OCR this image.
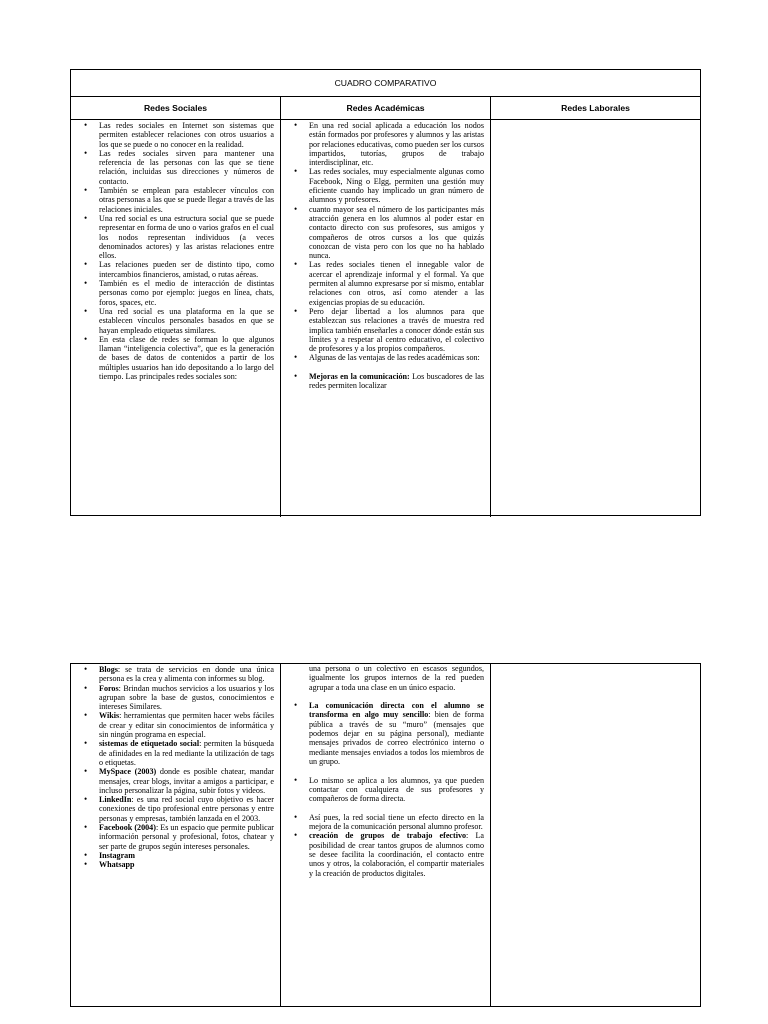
CUADRO COMPARATIVO
Redes Sociales	Redes Académicas	Redes Laborales
• Las redes sociales en Internet son sistemas que permiten establecer relaciones con otros usuarios a los que se puede o no conocer en la realidad.
• Las redes sociales sirven para mantener una referencia de las personas con las que se tiene relación, incluidas sus direcciones y números de contacto.
• También se emplean para establecer vínculos con otras personas a las que se puede llegar a través de las relaciones iniciales.
• Una red social es una estructura social que se puede representar en forma de uno o varios grafos en el cual los nodos representan individuos (a veces denominados actores) y las aristas relaciones entre ellos.
• Las relaciones pueden ser de distinto tipo, como intercambios financieros, amistad, o rutas aéreas.
• También es el medio de interacción de distintas personas como por ejemplo: juegos en línea, chats, foros, spaces, etc.
• Una red social es una plataforma en la que se establecen vínculos personales basados en que se hayan empleado etiquetas similares.
• En esta clase de redes se forman lo que algunos llaman “inteligencia colectiva”, que es la generación de bases de datos de contenidos a partir de los múltiples usuarios han ido depositando a lo largo del tiempo. Las principales redes sociales son:
• En una red social aplicada a educación los nodos están formados por profesores y alumnos y las aristas por relaciones educativas, como pueden ser los cursos impartidos, tutorías, grupos de trabajo interdisciplinar, etc.
• Las redes sociales, muy especialmente algunas como Facebook, Ning o Elgg, permiten una gestión muy eficiente cuando hay implicado un gran número de alumnos y profesores.
• cuanto mayor sea el número de los participantes más atracción genera en los alumnos al poder estar en contacto directo con sus profesores, sus amigos y compañeros de otros cursos a los que quizás conozcan de vista pero con los que no ha hablado nunca.
• Las redes sociales tienen el innegable valor de acercar el aprendizaje informal y el formal. Ya que permiten al alumno expresarse por sí mismo, entablar relaciones con otros, así como atender a las exigencias propias de su educación.
• Pero dejar libertad a los alumnos para que establezcan sus relaciones a través de muestra red implica también enseñarles a conocer dónde están sus límites y a respetar al centro educativo, el colectivo de profesores y a los propios compañeros.
• Algunas de las ventajas de las redes académicas son:
• Mejoras en la comunicación: Los buscadores de las redes permiten localizar
• Blogs: se trata de servicios en donde una única persona es la crea y alimenta con informes su blog.
• Foros: Brindan muchos servicios a los usuarios y los agrupan sobre la base de gustos, conocimientos e intereses Similares.
• Wikis: herramientas que permiten hacer webs fáciles de crear y editar sin conocimientos de informática y sin ningún programa en especial.
• sistemas de etiquetado social: permiten la búsqueda de afinidades en la red mediante la utilización de tags o etiquetas.
• MySpace (2003) donde es posible chatear, mandar mensajes, crear blogs, invitar a amigos a participar, e incluso personalizar la página, subir fotos y videos.
• LinkedIn: es una red social cuyo objetivo es hacer conexiones de tipo profesional entre personas y entre personas y empresas, también lanzada en el 2003.
• Facebook (2004): Es un espacio que permite publicar información personal y profesional, fotos, chatear y ser parte de grupos según intereses personales.
• Instagram
• Whatsapp
una persona o un colectivo en escasos segundos, igualmente los grupos internos de la red pueden agrupar a toda una clase en un único espacio.
• La comunicación directa con el alumno se transforma en algo muy sencillo: bien de forma pública a través de su “muro” (mensajes que podemos dejar en su página personal), mediante mensajes privados de correo electrónico interno o mediante mensajes enviados a todos los miembros de un grupo.
• Lo mismo se aplica a los alumnos, ya que pueden contactar con cualquiera de sus profesores y compañeros de forma directa.
• Así pues, la red social tiene un efecto directo en la mejora de la comunicación personal alumno profesor.
• creación de grupos de trabajo efectivo: La posibilidad de crear tantos grupos de alumnos como se desee facilita la coordinación, el contacto entre unos y otros, la colaboración, el compartir materiales y la creación de productos digitales.
